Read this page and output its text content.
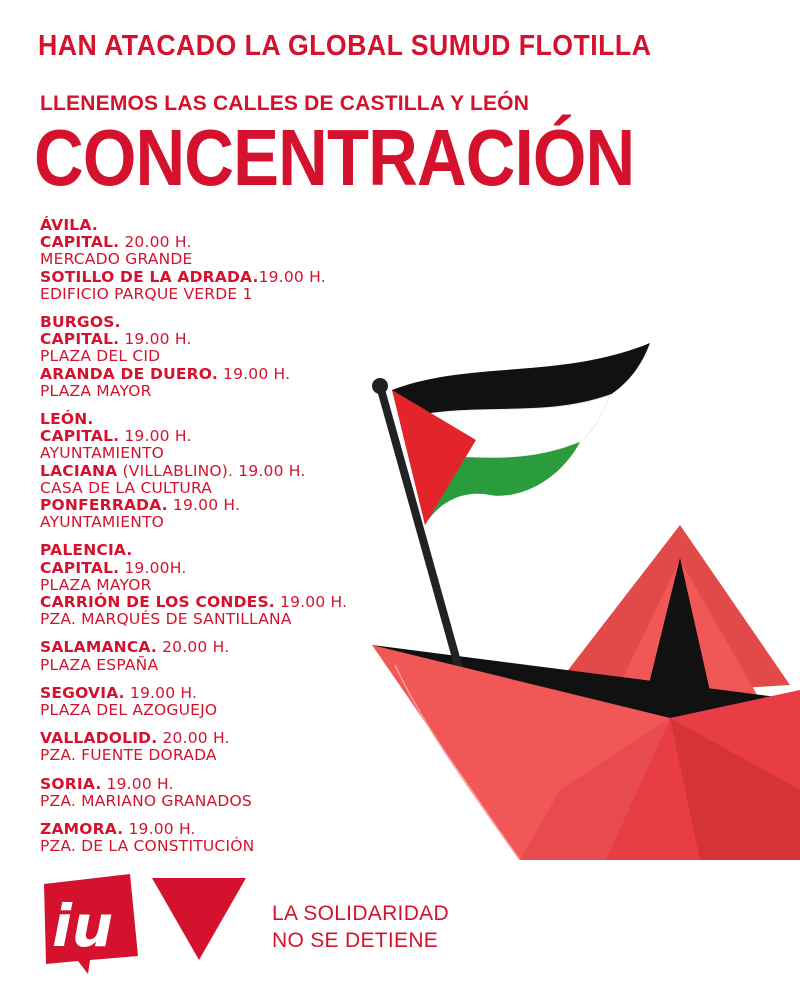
HAN ATACADO LA GLOBAL SUMUD FLOTILLA
LLENEMOS LAS CALLES DE CASTILLA Y LEÓN
CONCENTRACIÓN
ÁVILA.
CAPITAL. 20.00 H.
MERCADO GRANDE
SOTILLO DE LA ADRADA.19.00 H.
EDIFICIO PARQUE VERDE 1
BURGOS.
CAPITAL. 19.00 H.
PLAZA DEL CID
ARANDA DE DUERO. 19.00 H.
PLAZA MAYOR
LEÓN.
CAPITAL. 19.00 H.
AYUNTAMIENTO
LACIANA (VILLABLINO). 19.00 H.
CASA DE LA CULTURA
PONFERRADA. 19.00 H.
AYUNTAMIENTO
PALENCIA.
CAPITAL. 19.00H.
PLAZA MAYOR
CARRIÓN DE LOS CONDES. 19.00 H.
PZA. MARQUÉS DE SANTILLANA
SALAMANCA. 20.00 H.
PLAZA ESPAÑA
SEGOVIA. 19.00 H.
PLAZA DEL AZOGUEJO
VALLADOLID. 20.00 H.
PZA. FUENTE DORADA
SORIA. 19.00 H.
PZA. MARIANO GRANADOS
ZAMORA. 19.00 H.
PZA. DE LA CONSTITUCIÓN
iu	LA SOLIDARIDAD
NO SE DETIENE
